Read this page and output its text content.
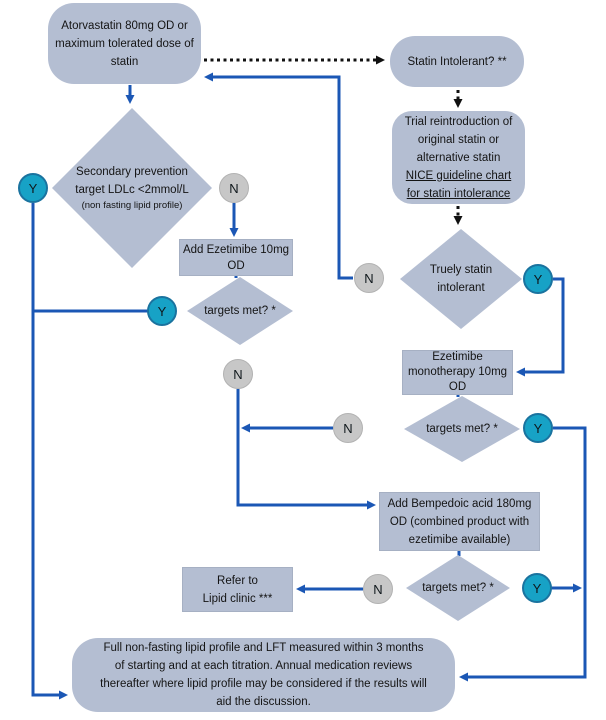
Atorvastatin 80mg OD or
maximum tolerated dose of
statin	Statin Intolerant? **
Trial reintroduction of
original statin or
alternative statin
NICE guideline chart
for statin intolerance
Add Ezetimibe 10mg
OD
Ezetimibe
monotherapy 10mg
OD
Add Bempedoic acid 180mg
OD (combined product with
ezetimibe available)
Refer to
Lipid clinic ***
Full non-fasting lipid profile and LFT measured within 3 months
of starting and at each titration. Annual medication reviews
thereafter where lipid profile may be considered if the results will
aid the discussion.
Secondary prevention
target LDLc <2mmol/L
(non fasting lipid profile)
targets met? *
Truely statin
intolerant
targets met? *
targets met? *
Y	N
Y
N
N	Y
N	Y
N	Y
